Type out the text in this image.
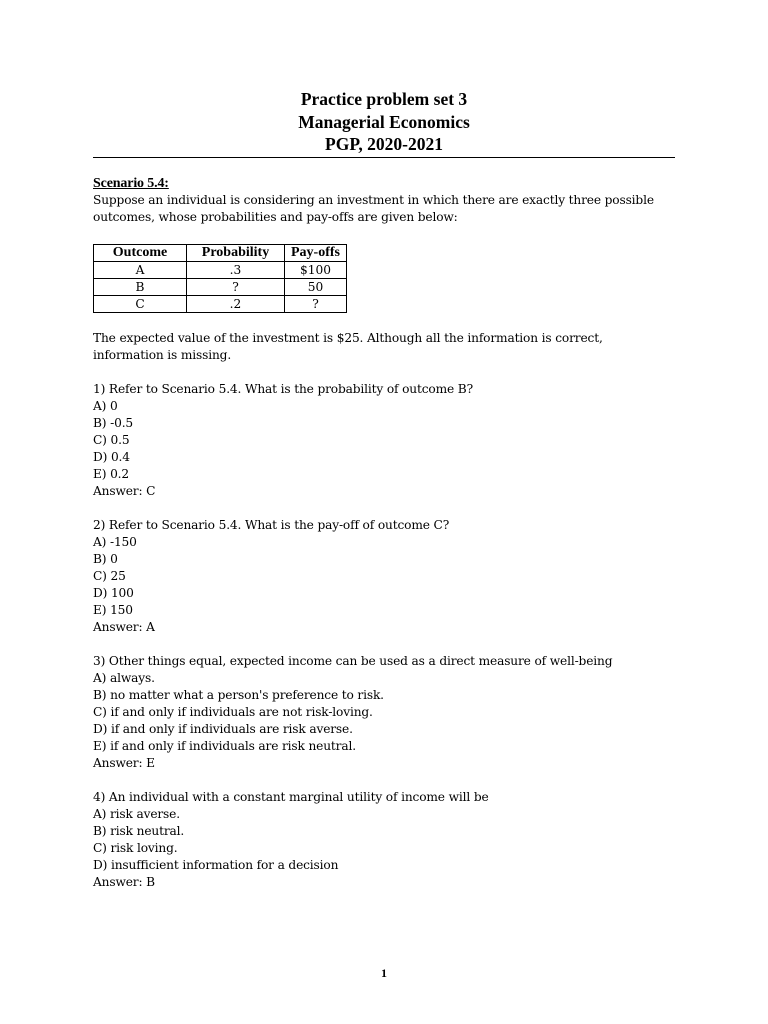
Practice problem set 3
Managerial Economics
PGP, 2020-2021
Scenario 5.4:
Suppose an individual is considering an investment in which there are exactly three possible
outcomes, whose probabilities and pay-offs are given below:
Outcome	Probability	Pay-offs
A	.3	$100
B	?	50
C	.2	?
The expected value of the investment is $25. Although all the information is correct,
information is missing.
1) Refer to Scenario 5.4. What is the probability of outcome B?
A) 0
B) -0.5
C) 0.5
D) 0.4
E) 0.2
Answer: C
2) Refer to Scenario 5.4. What is the pay-off of outcome C?
A) -150
B) 0
C) 25
D) 100
E) 150
Answer: A
3) Other things equal, expected income can be used as a direct measure of well-being
A) always.
B) no matter what a person's preference to risk.
C) if and only if individuals are not risk-loving.
D) if and only if individuals are risk averse.
E) if and only if individuals are risk neutral.
Answer: E
4) An individual with a constant marginal utility of income will be
A) risk averse.
B) risk neutral.
C) risk loving.
D) insufficient information for a decision
Answer: B
1
